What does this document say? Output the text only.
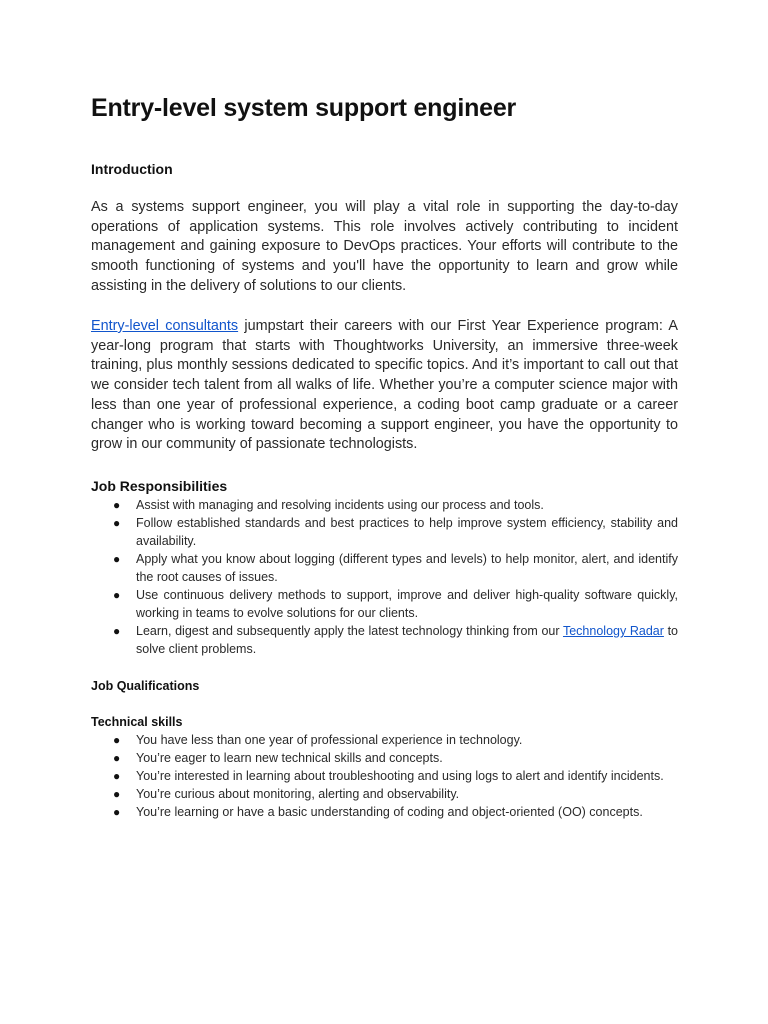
Entry-level system support engineer
Introduction

As a systems support engineer, you will play a vital role in supporting the day-to-day operations of application systems. This role involves actively contributing to incident management and gaining exposure to DevOps practices. Your efforts will contribute to the smooth functioning of systems and you'll have the opportunity to learn and grow while assisting in the delivery of solutions to our clients.

Entry-level consultants jumpstart their careers with our First Year Experience program: A year-long program that starts with Thoughtworks University, an immersive three-week training, plus monthly sessions dedicated to specific topics. And it’s important to call out that we consider tech talent from all walks of life. Whether you’re a computer science major with less than one year of professional experience, a coding boot camp graduate or a career changer who is working toward becoming a support engineer, you have the opportunity to grow in our community of passionate technologists.

Job Responsibilities
● Assist with managing and resolving incidents using our process and tools.
● Follow established standards and best practices to help improve system efficiency, stability and availability.
● Apply what you know about logging (different types and levels) to help monitor, alert, and identify the root causes of issues.
● Use continuous delivery methods to support, improve and deliver high-quality software quickly, working in teams to evolve solutions for our clients.
● Learn, digest and subsequently apply the latest technology thinking from our Technology Radar to solve client problems.
Job Qualifications
Technical skills
● You have less than one year of professional experience in technology.
● You’re eager to learn new technical skills and concepts.
● You’re interested in learning about troubleshooting and using logs to alert and identify incidents.
● You’re curious about monitoring, alerting and observability.
● You’re learning or have a basic understanding of coding and object-oriented (OO) concepts.
